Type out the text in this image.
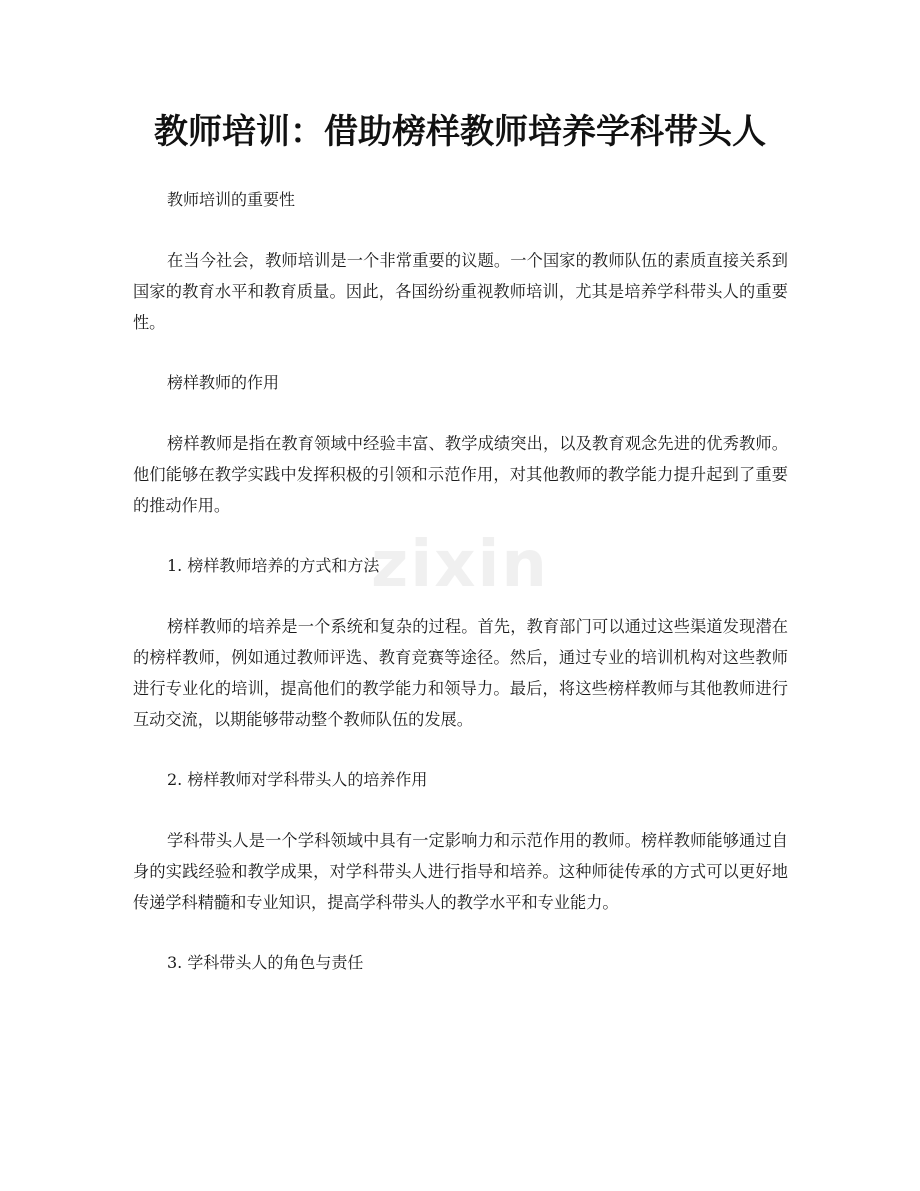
教师培训：借助榜样教师培养学科带头人
zixin

教师培训的重要性

在当今社会，教师培训是一个非常重要的议题。一个国家的教师队伍的素质直接关系到国家的教育水平和教育质量。因此，各国纷纷重视教师培训，尤其是培养学科带头人的重要性。

榜样教师的作用

榜样教师是指在教育领域中经验丰富、教学成绩突出，以及教育观念先进的优秀教师。他们能够在教学实践中发挥积极的引领和示范作用，对其他教师的教学能力提升起到了重要的推动作用。

1. 榜样教师培养的方式和方法

榜样教师的培养是一个系统和复杂的过程。首先，教育部门可以通过这些渠道发现潜在的榜样教师，例如通过教师评选、教育竞赛等途径。然后，通过专业的培训机构对这些教师进行专业化的培训，提高他们的教学能力和领导力。最后，将这些榜样教师与其他教师进行互动交流，以期能够带动整个教师队伍的发展。

2. 榜样教师对学科带头人的培养作用

学科带头人是一个学科领域中具有一定影响力和示范作用的教师。榜样教师能够通过自身的实践经验和教学成果，对学科带头人进行指导和培养。这种师徒传承的方式可以更好地传递学科精髓和专业知识，提高学科带头人的教学水平和专业能力。

3. 学科带头人的角色与责任
